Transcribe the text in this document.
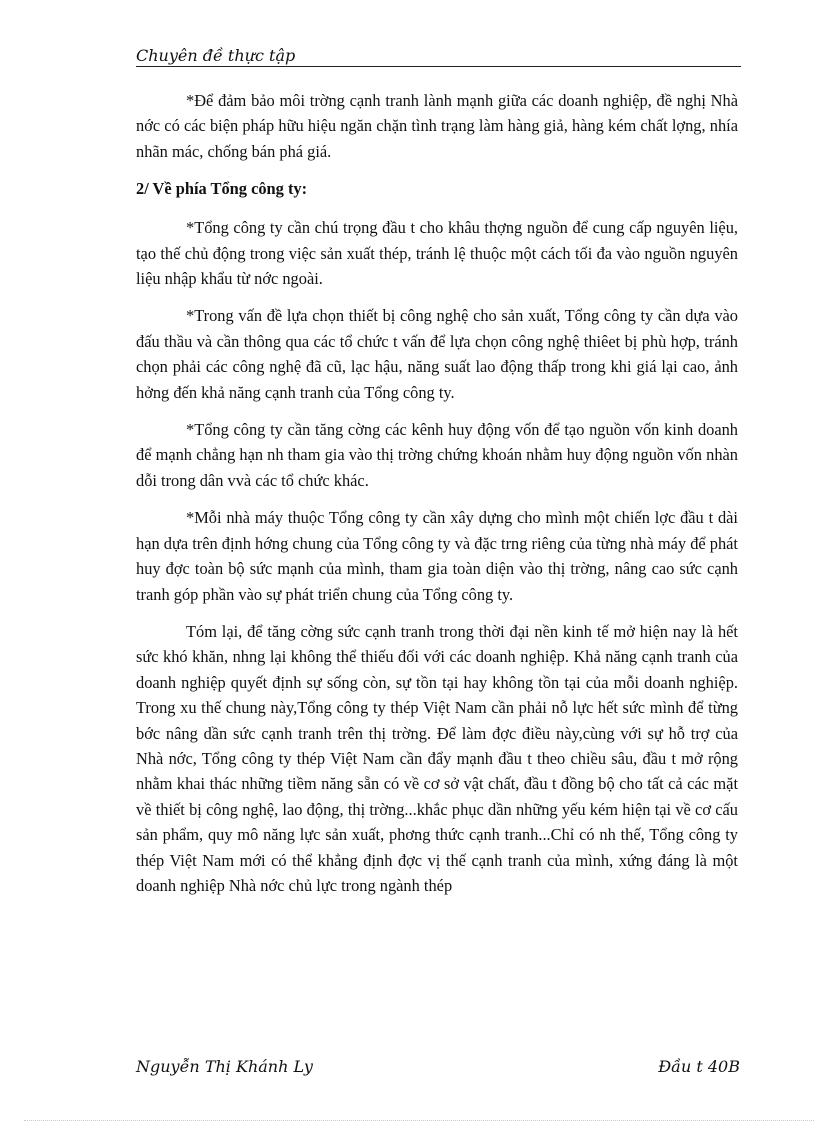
Chuyên đề thực tập

*Để đảm bảo môi trờng cạnh tranh lành mạnh giữa các doanh nghiệp, đề nghị Nhà nớc có các biện pháp hữu hiệu ngăn chặn tình trạng làm hàng giả, hàng kém chất lợng, nhía nhãn mác, chống bán phá giá.

2/ Về phía Tổng công ty:

*Tổng công ty cần chú trọng đầu t cho khâu thợng nguồn để cung cấp nguyên liệu, tạo thế chủ động trong việc sản xuất thép, tránh lệ thuộc một cách tối đa vào nguồn nguyên liệu nhập khẩu từ nớc ngoài.

*Trong vấn đề lựa chọn thiết bị công nghệ cho sản xuất, Tổng công ty cần dựa vào đấu thầu và cần thông qua các tổ chức t vấn để lựa chọn công nghệ thiêet bị phù hợp, tránh chọn phải các công nghệ đã cũ, lạc hậu, năng suất lao động thấp trong khi giá lại cao, ảnh hởng đến khả năng cạnh tranh của Tổng công ty.

*Tổng công ty cần tăng cờng các kênh huy động vốn để tạo nguồn vốn kinh doanh để mạnh chẳng hạn nh tham gia vào thị trờng chứng khoán nhằm huy động nguồn vốn nhàn dỗi trong dân vvà các tổ chức khác.

*Mỗi nhà máy thuộc Tổng công ty cần xây dựng cho mình một chiến lợc đầu t dài hạn dựa trên định hớng chung của Tổng công ty và đặc trng riêng của từng nhà máy để phát huy đợc toàn bộ sức mạnh của mình, tham gia toàn diện vào thị trờng, nâng cao sức cạnh tranh góp phần vào sự phát triển chung của Tổng công ty.

Tóm lại, để tăng cờng sức cạnh tranh trong thời đại nền kinh tế mở hiện nay là hết sức khó khăn, nhng lại không thể thiếu đối với các doanh nghiệp. Khả năng cạnh tranh của doanh nghiệp quyết định sự sống còn, sự tồn tại hay không tồn tại của mỗi doanh nghiệp. Trong xu thế chung này,Tổng công ty thép Việt Nam cần phải nỗ lực hết sức mình để từng bớc nâng dần sức cạnh tranh trên thị trờng. Để làm đợc điều này,cùng với sự hỗ trợ của Nhà nớc, Tổng công ty thép Việt Nam cần đẩy mạnh đầu t theo chiều sâu, đầu t mở rộng nhằm khai thác những tiềm năng sẵn có về cơ sở vật chất, đầu t đồng bộ cho tất cả các mặt về thiết bị công nghệ, lao động, thị trờng...khắc phục dần những yếu kém hiện tại về cơ cấu sản phẩm, quy mô năng lực sản xuất, phơng thức cạnh tranh...Chỉ có nh thế, Tổng công ty thép Việt Nam mới có thể khẳng định đợc vị thế cạnh tranh của mình, xứng đáng là một doanh nghiệp Nhà nớc chủ lực trong ngành thép

Nguyễn Thị Khánh Ly	Đầu t 40B
